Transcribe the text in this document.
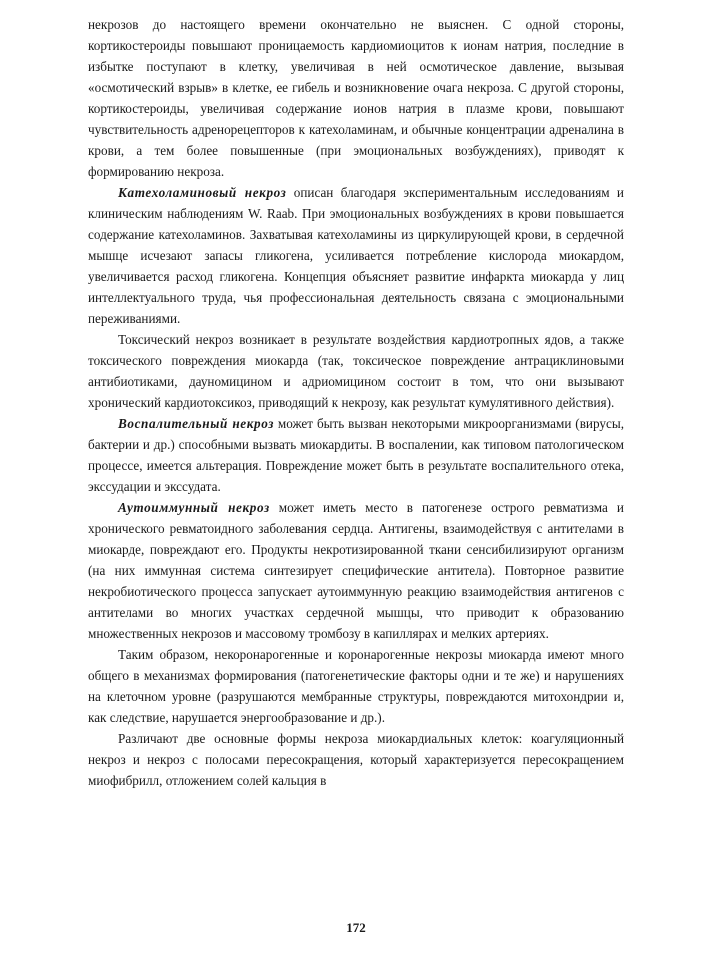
некрозов до настоящего времени окончательно не выяснен. С одной стороны, кортикостероиды повышают проницаемость кардиомиоцитов к ионам натрия, последние в избытке поступают в клетку, увеличивая в ней осмотическое давление, вызывая «осмотический взрыв» в клетке, ее гибель и возникновение очага некроза. С другой стороны, кортикостероиды, увеличивая содержание ионов натрия в плазме крови, повышают чувствительность адренорецепторов к катехоламинам, и обычные концентрации адреналина в крови, а тем более повышенные (при эмоциональных возбуждениях), приводят к формированию некроза.

Катехоламиновый некроз описан благодаря экспериментальным исследованиям и клиническим наблюдениям W. Raab. При эмоциональных возбуждениях в крови повышается содержание катехоламинов. Захватывая катехоламины из циркулирующей крови, в сердечной мышце исчезают запасы гликогена, усиливается потребление кислорода миокардом, увеличивается расход гликогена. Концепция объясняет развитие инфаркта миокарда у лиц интеллектуального труда, чья профессиональная деятельность связана с эмоциональными переживаниями.

Токсический некроз возникает в результате воздействия кардиотропных ядов, а также токсического повреждения миокарда (так, токсическое повреждение антрациклиновыми антибиотиками, дауномицином и адриомицином состоит в том, что они вызывают хронический кардиотоксикоз, приводящий к некрозу, как результат кумулятивного действия).

Воспалительный некроз может быть вызван некоторыми микроорганизмами (вирусы, бактерии и др.) способными вызвать миокардиты. В воспалении, как типовом патологическом процессе, имеется альтерация. Повреждение может быть в результате воспалительного отека, экссудации и экссудата.

Аутоиммунный некроз может иметь место в патогенезе острого ревматизма и хронического ревматоидного заболевания сердца. Антигены, взаимодействуя с антителами в миокарде, повреждают его. Продукты некротизированной ткани сенсибилизируют организм (на них иммунная система синтезирует специфические антитела). Повторное развитие некробиотического процесса запускает аутоиммунную реакцию взаимодействия антигенов с антителами во многих участках сердечной мышцы, что приводит к образованию множественных некрозов и массовому тромбозу в капиллярах и мелких артериях.

Таким образом, некоронарогенные и коронарогенные некрозы миокарда имеют много общего в механизмах формирования (патогенетические факторы одни и те же) и нарушениях на клеточном уровне (разрушаются мембранные структуры, повреждаются митохондрии и, как следствие, нарушается энергообразование и др.).

Различают две основные формы некроза миокардиальных клеток: коагуляционный некроз и некроз с полосами пересокращения, который характеризуется пересокращением миофибрилл, отложением солей кальция в

172
